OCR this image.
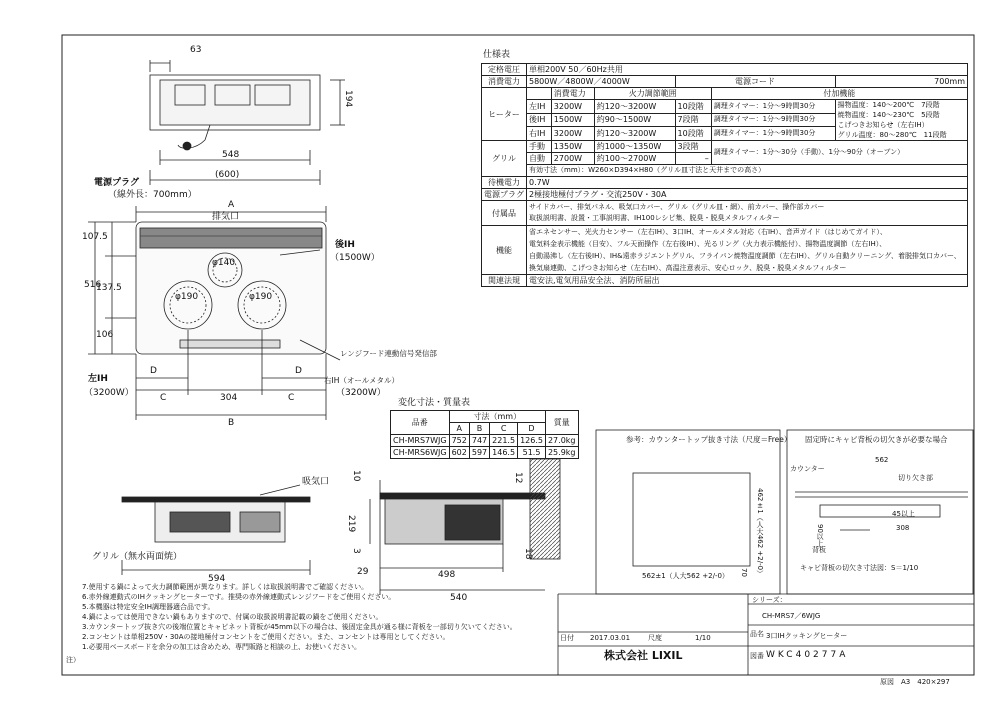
63
194
548
(600)
電源プラグ
（線外長：700mm）
A
排気口
107.5
516
137.5
106
後IH
（1500W）
φ140
φ190	φ190
レンジフード連動信号発信部
D	D
C	C
304
B
左IH
（3200W）
右IH（オールメタル）
（3200W）
吸気口
グリル（無水両面焼）
594
10	12
219
3
29	498
540
18
参考：カウンタートップ抜き寸法（尺度＝Free）
562±1（人大562 +2/-0）	462±1（人大462 +2/-0）
70
固定時にキャビ背板の切欠きが必要な場合
カウンター
562
切り欠き部
45以上
308
90以上
背板
キャビ背板の切欠き寸法図：S＝1/10
仕様表
定格電圧	単相200V 50／60Hz共用					
消費電力	5800W／4800W／4000W			電源コード		700mm
ヒーター		消費電力	火力調節範囲		付加機能	
	左IH	3200W	約120～3200W	10段階	調理タイマー：1分～9時間30分	揚物温度：140～200℃　7段階
焼物温度：140～230℃　5段階
こげつきお知らせ（左右IH）
グリル温度：80～280℃　11段階

	後IH	1500W	約90～1500W	7段階	調理タイマー：1分～9時間30分	
	右IH	3200W	約120～3200W	10段階	調理タイマー：1分～9時間30分	
グリル	手動	1350W	約1000～1350W	3段階	調理タイマー：1分～30分（手動）、1分～90分（オーブン）	
	自動	2700W	約100～2700W	–		
	有効寸法（mm）：W260×D394×H80（グリル皿寸法と天井までの高さ）					
待機電力	0.7W					
電源プラグ	2極接地極付プラグ・交流250V・30A					
付属品	サイドカバー、排気パネル、吸気口カバー、グリル（グリル皿・網）、前カバー、操作部カバー
取扱説明書、設置・工事説明書、IH100レシピ集、脱臭・脱臭メタルフィルター					

機能	省エネセンサー、光火力センサー（左右IH）、3口IH、オールメタル対応（右IH）、音声ガイド（はじめてガイド）、
電気料金表示機能（目安）、フル天面操作（左右後IH）、光るリング（火力表示機能付）、揚物温度調節（左右IH）、
自動湯沸し（左右後IH）、IH&遠赤ラジエントグリル、フライパン焼物温度調節（左右IH）、グリル自動クリーニング、着脱排気口カバー、
換気扇連動、こげつきお知らせ（左右IH）、高温注意表示、安心ロック、脱臭・脱臭メタルフィルター					

関連法規	電安法,電気用品安全法、消防所届出					
変化寸法・質量表
品番	寸法（mm）				質量
	A	B	C	D	
CH-MRS7WJG	752	747	221.5	126.5	27.0kg
CH-MRS6WJG	602	597	146.5	51.5	25.9kg
7.使用する鍋によって火力調節範囲が異なります。詳しくは取扱説明書でご確認ください。
6.赤外線連動式のIHクッキングヒーターです。推奨の赤外線連動式レンジフードをご使用ください。
5.本機器は特定安全IH調理器適合品です。
4.鍋によっては使用できない鍋もありますので、付属の取扱説明書記載の鍋をご使用ください。
3.カウンタートップ抜き穴の後端位置とキャビネット背板が45mm以下の場合は、後固定金具が通る様に背板を一部切り欠いてください。
2.コンセントは単相250V・30Aの接地極付コンセントをご使用ください。また、コンセントは専用としてください。
1.必要用ベースボードを余分の加工は含めため、専門販路と相談の上、お使いください。
注）
シリーズ：
CH-MRS7／6WJG
品名 3口IHクッキングヒーター
日付 2017.03.01	尺度	1/10
株式会社 LIXIL	図番 WKC40277A
原図　A3　420×297
